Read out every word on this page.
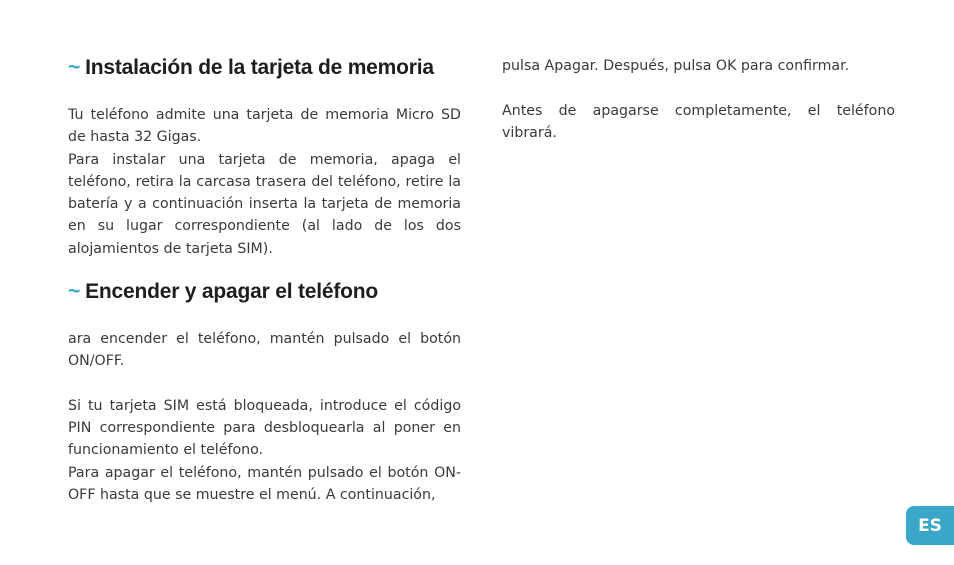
~ Instalación de la tarjeta de memoria

Tu teléfono admite una tarjeta de memoria Micro SD de hasta 32 Gigas.

Para instalar una tarjeta de memoria, apaga el teléfono, retira la carcasa trasera del teléfono, retire la batería y a continuación inserta la tarjeta de memoria en su lugar correspondiente (al lado de los dos alojamientos de tarjeta SIM).

~ Encender y apagar el teléfono

ara encender el teléfono, mantén pulsado el botón ON/OFF.

Si tu tarjeta SIM está bloqueada, introduce el código PIN correspondiente para desbloquearla al poner en funcionamiento el teléfono.

Para apagar el teléfono, mantén pulsado el botón ON-OFF hasta que se muestre el menú. A continuación,

pulsa Apagar. Después, pulsa OK para confirmar.

Antes de apagarse completamente, el teléfono vibrará.

ES
